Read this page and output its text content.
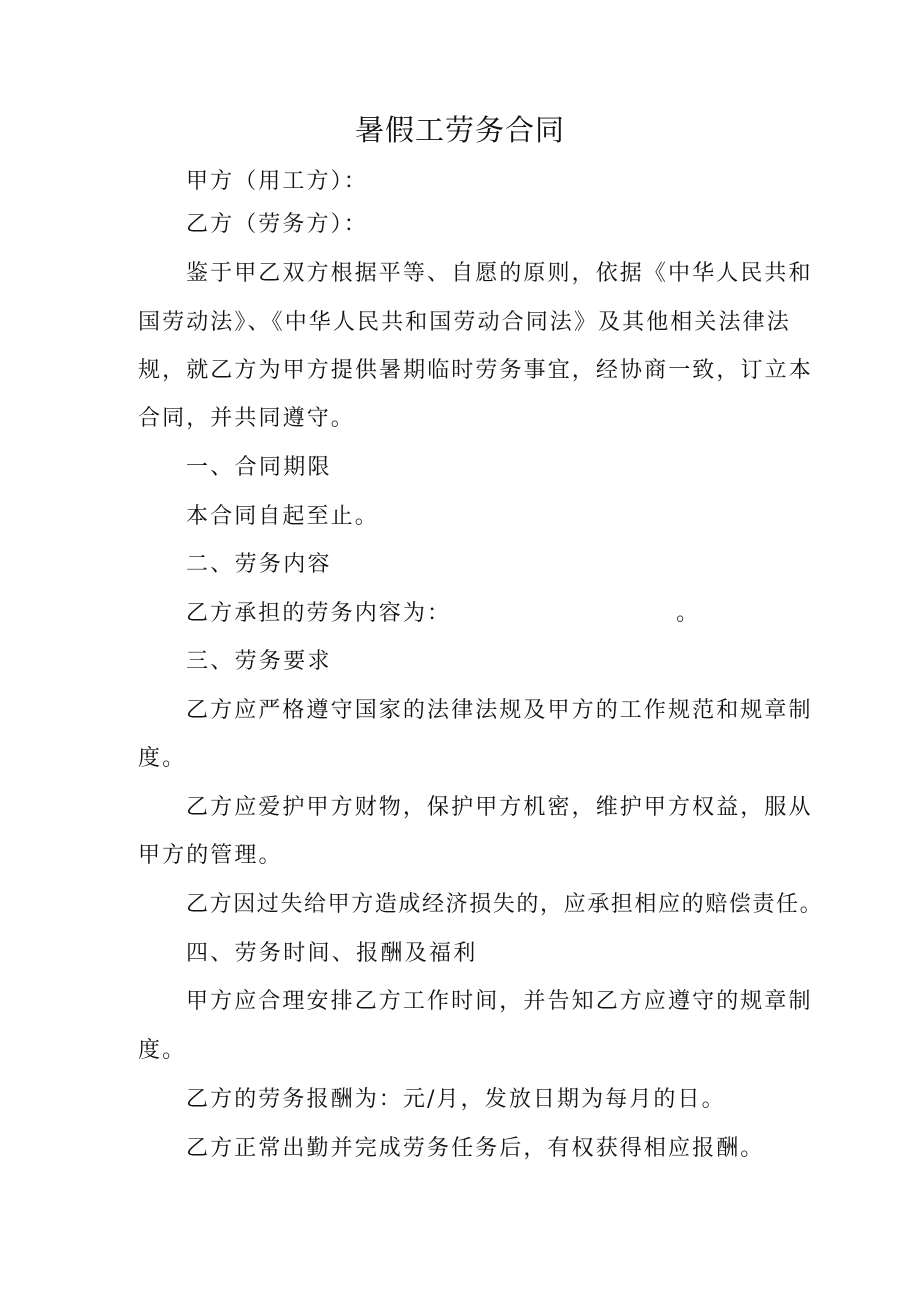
暑假工劳务合同

甲方（用工方）：

乙方（劳务方）：

鉴于甲乙双方根据平等、自愿的原则，依据《中华人民共和

国劳动法》、《中华人民共和国劳动合同法》及其他相关法律法

规，就乙方为甲方提供暑期临时劳务事宜，经协商一致，订立本

合同，并共同遵守。

一、合同期限

本合同自起至止。

二、劳务内容

乙方承担的劳务内容为：	。

三、劳务要求

乙方应严格遵守国家的法律法规及甲方的工作规范和规章制

度。

乙方应爱护甲方财物，保护甲方机密，维护甲方权益，服从

甲方的管理。

乙方因过失给甲方造成经济损失的，应承担相应的赔偿责任。

四、劳务时间、报酬及福利

甲方应合理安排乙方工作时间，并告知乙方应遵守的规章制

度。

乙方的劳务报酬为：元/月，发放日期为每月的日。

乙方正常出勤并完成劳务任务后，有权获得相应报酬。
